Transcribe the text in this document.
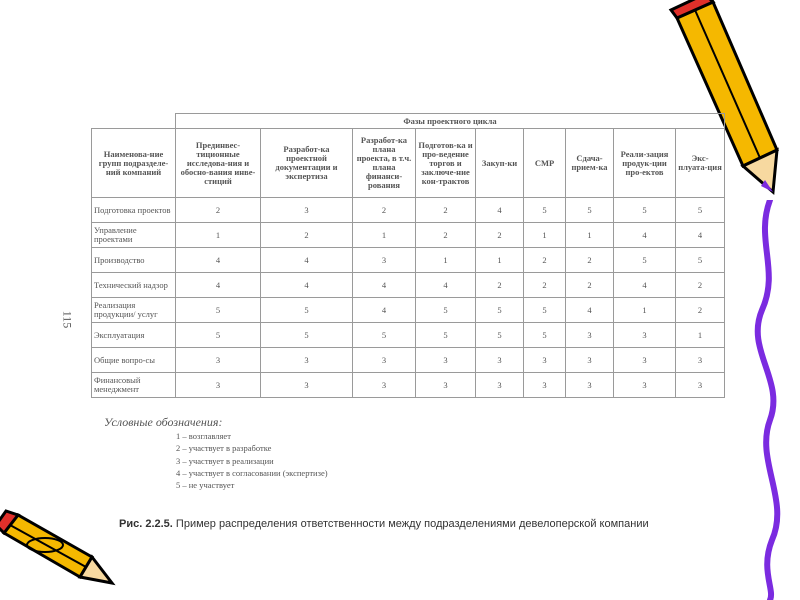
115
	Фазы проектного цикла								
Наименова-ние групп подразделе-ний компаний	Прединвес-тиционные исследова-ния и обосно-вания инве-стиций	Разработ-ка проектной документации и экспертиза	Разработ-ка плана проекта, в т.ч. плана финанси-рования	Подготов-ка и про-ведение торгов и заключе-ние кон-трактов	Закуп-ки	СМР	Сдача-прием-ка	Реали-зация продук-ции про-ектов	Экс-плуата-ция
Подготовка проектов	2	3	2	2	4	5	5	5	5
Управление проектами	1	2	1	2	2	1	1	4	4
Производство	4	4	3	1	1	2	2	5	5
Технический надзор	4	4	4	4	2	2	2	4	2
Реализация продукции/ услуг	5	5	4	5	5	5	4	1	2
Эксплуатация	5	5	5	5	5	5	3	3	1
Общие вопро-сы	3	3	3	3	3	3	3	3	3
Финансовый менеджмент	3	3	3	3	3	3	3	3	3
Условные обозначения:
1 – возглавляет
2 – участвует в разработке
3 – участвует в реализации
4 – участвует в согласовании (экспертизе)
5 – не участвует
Рис. 2.2.5. Пример распределения ответственности между подразделениями девелоперской компании
